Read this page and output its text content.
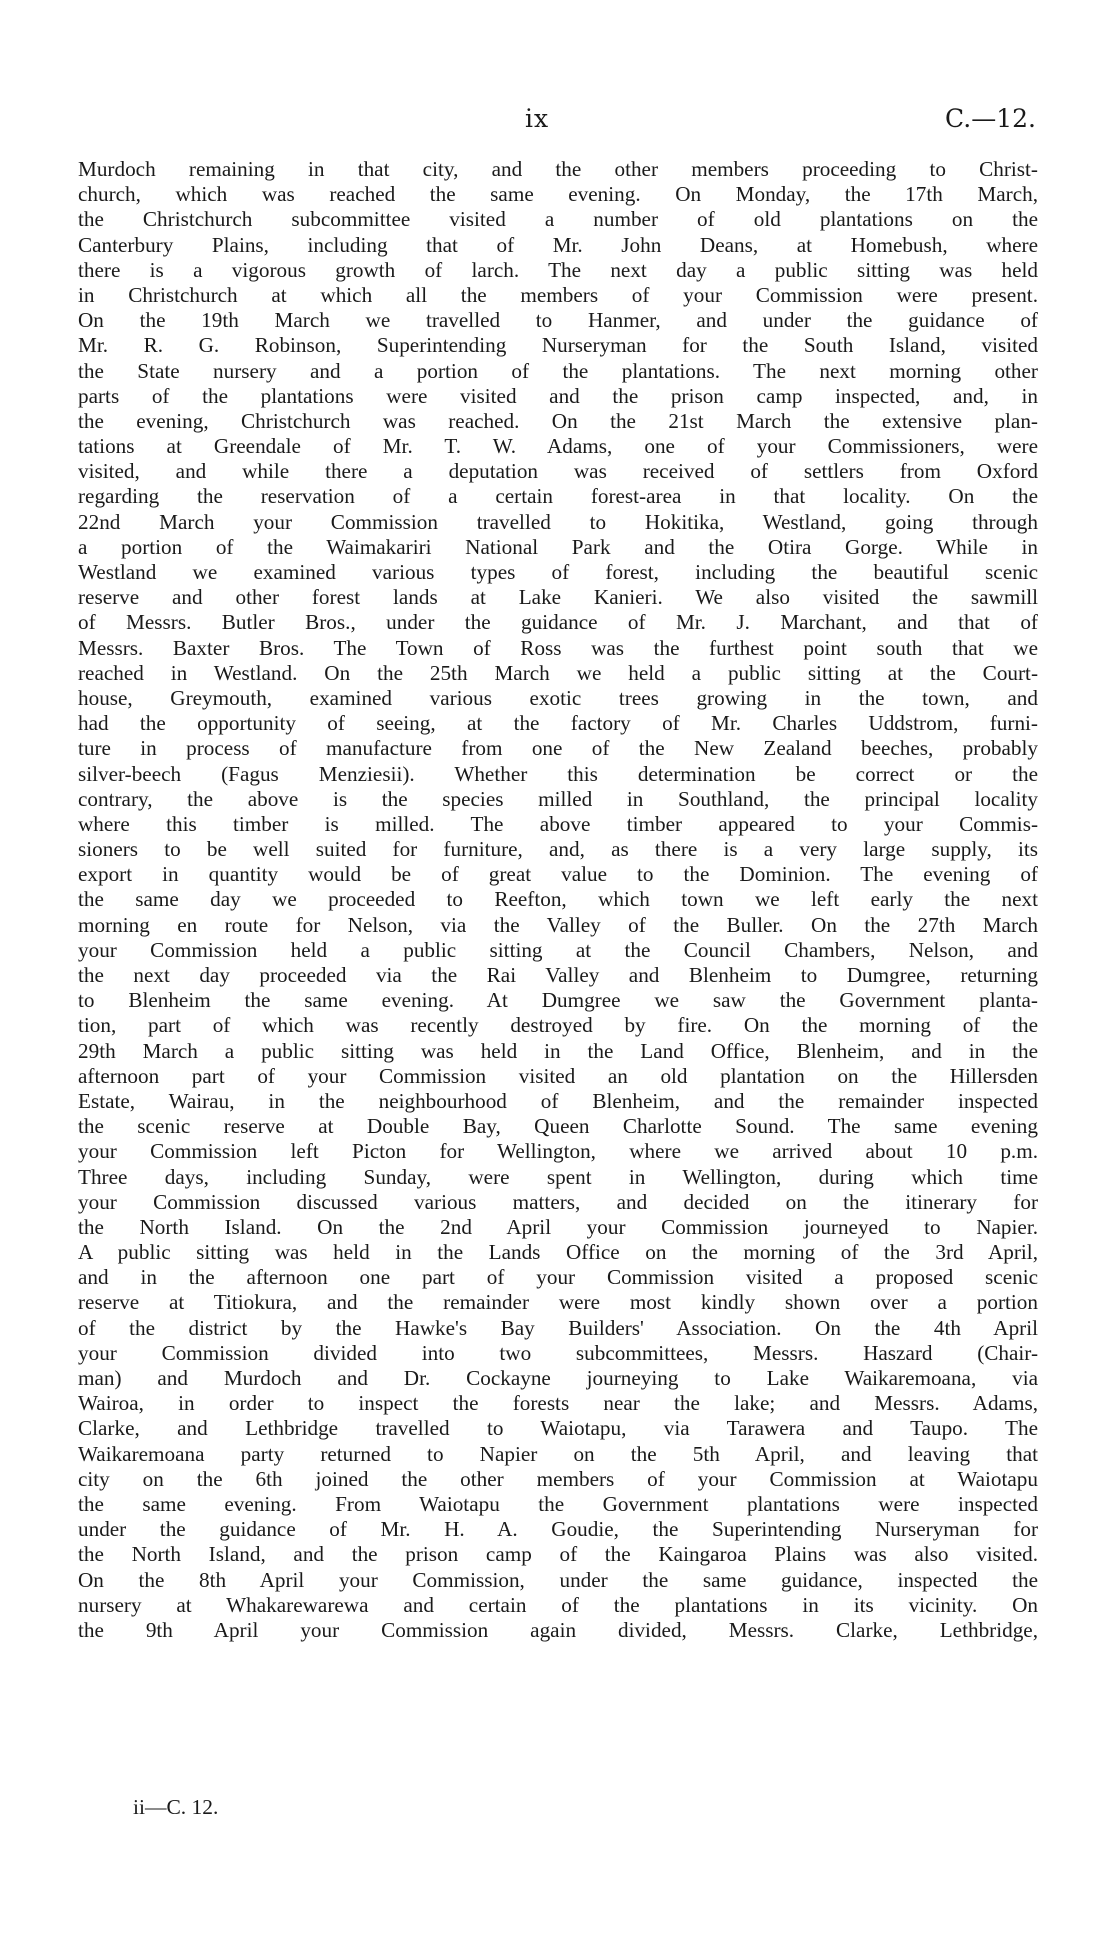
ix	C.—12.
Murdoch remaining in that city, and the other members proceeding to Christ-
church, which was reached the same evening. On Monday, the 17th March,
the Christchurch subcommittee visited a number of old plantations on the
Canterbury Plains, including that of Mr. John Deans, at Homebush, where
there is a vigorous growth of larch. The next day a public sitting was held
in Christchurch at which all the members of your Commission were present.
On the 19th March we travelled to Hanmer, and under the guidance of
Mr. R. G. Robinson, Superintending Nurseryman for the South Island, visited
the State nursery and a portion of the plantations. The next morning other
parts of the plantations were visited and the prison camp inspected, and, in
the evening, Christchurch was reached. On the 21st March the extensive plan-
tations at Greendale of Mr. T. W. Adams, one of your Commissioners, were
visited, and while there a deputation was received of settlers from Oxford
regarding the reservation of a certain forest-area in that locality. On the
22nd March your Commission travelled to Hokitika, Westland, going through
a portion of the Waimakariri National Park and the Otira Gorge. While in
Westland we examined various types of forest, including the beautiful scenic
reserve and other forest lands at Lake Kanieri. We also visited the sawmill
of Messrs. Butler Bros., under the guidance of Mr. J. Marchant, and that of
Messrs. Baxter Bros. The Town of Ross was the furthest point south that we
reached in Westland. On the 25th March we held a public sitting at the Court-
house, Greymouth, examined various exotic trees growing in the town, and
had the opportunity of seeing, at the factory of Mr. Charles Uddstrom, furni-
ture in process of manufacture from one of the New Zealand beeches, probably
silver-beech (Fagus Menziesii). Whether this determination be correct or the
contrary, the above is the species milled in Southland, the principal locality
where this timber is milled. The above timber appeared to your Commis-
sioners to be well suited for furniture, and, as there is a very large supply, its
export in quantity would be of great value to the Dominion. The evening of
the same day we proceeded to Reefton, which town we left early the next
morning en route for Nelson, via the Valley of the Buller. On the 27th March
your Commission held a public sitting at the Council Chambers, Nelson, and
the next day proceeded via the Rai Valley and Blenheim to Dumgree, returning
to Blenheim the same evening. At Dumgree we saw the Government planta-
tion, part of which was recently destroyed by fire. On the morning of the
29th March a public sitting was held in the Land Office, Blenheim, and in the
afternoon part of your Commission visited an old plantation on the Hillersden
Estate, Wairau, in the neighbourhood of Blenheim, and the remainder inspected
the scenic reserve at Double Bay, Queen Charlotte Sound. The same evening
your Commission left Picton for Wellington, where we arrived about 10 p.m.
Three days, including Sunday, were spent in Wellington, during which time
your Commission discussed various matters, and decided on the itinerary for
the North Island. On the 2nd April your Commission journeyed to Napier.
A public sitting was held in the Lands Office on the morning of the 3rd April,
and in the afternoon one part of your Commission visited a proposed scenic
reserve at Titiokura, and the remainder were most kindly shown over a portion
of the district by the Hawke's Bay Builders' Association. On the 4th April
your Commission divided into two subcommittees, Messrs. Haszard (Chair-
man) and Murdoch and Dr. Cockayne journeying to Lake Waikaremoana, via
Wairoa, in order to inspect the forests near the lake; and Messrs. Adams,
Clarke, and Lethbridge travelled to Waiotapu, via Tarawera and Taupo. The
Waikaremoana party returned to Napier on the 5th April, and leaving that
city on the 6th joined the other members of your Commission at Waiotapu
the same evening. From Waiotapu the Government plantations were inspected
under the guidance of Mr. H. A. Goudie, the Superintending Nurseryman for
the North Island, and the prison camp of the Kaingaroa Plains was also visited.
On the 8th April your Commission, under the same guidance, inspected the
nursery at Whakarewarewa and certain of the plantations in its vicinity. On
the 9th April your Commission again divided, Messrs. Clarke, Lethbridge,
ii—C. 12.
